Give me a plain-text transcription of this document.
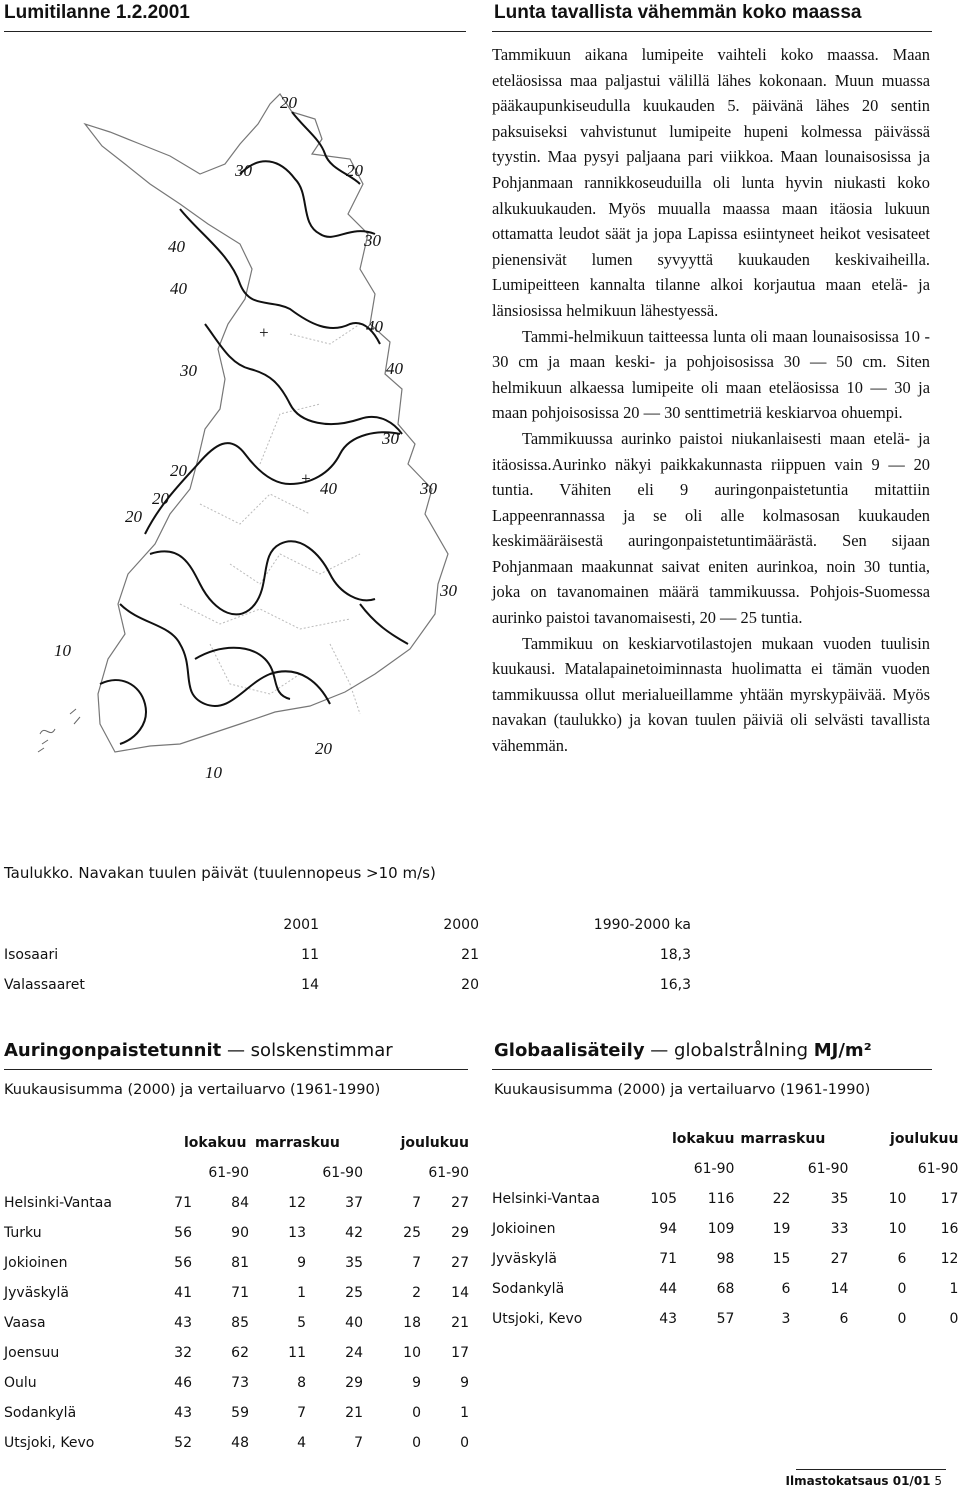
Lumitilanne 1.2.2001	Lunta tavallista vähemmän koko maassa
20
30	20
30
40
40
+	40
30	40
20	+
40	30
20
30
20
10
10
20
30

Tammikuun aikana lumipeite vaihteli koko maassa. Maan eteläosissa maa paljastui välillä lähes kokonaan. Muun muassa pääkaupunkiseudulla kuukauden 5. päivänä lähes 20 sentin paksuiseksi vahvistunut lumipeite hupeni kolmessa päivässä tyystin. Maa pysyi paljaana pari viikkoa. Maan lounaisosissa ja Pohjanmaan rannikkoseuduilla oli lunta hyvin niukasti koko alkukuukauden. Myös muualla maassa maan itäosia lukuun ottamatta leudot säät ja jopa Lapissa esiintyneet heikot vesisateet pienensivät lumen syvyyttä kuukauden keskivaiheilla. Lumipeitteen kannalta tilanne alkoi korjautua maan etelä- ja länsiosissa helmikuun lähestyessä.

Tammi-helmikuun taitteessa lunta oli maan lounaisosissa 10 - 30 cm ja maan keski- ja pohjoisosissa 30 — 50 cm. Siten helmikuun alkaessa lumipeite oli maan eteläosissa 10 — 30 ja maan pohjoisosissa 20 — 30 senttimetriä keskiarvoa ohuempi.

Tammikuussa aurinko paistoi niukanlaisesti maan etelä- ja itäosissa.Aurinko näkyi paikkakunnasta riippuen vain 9 — 20 tuntia. Vähiten eli 9 auringonpaistetuntia mitattiin Lappeenrannassa ja se oli alle kolmasosan kuukauden keskimääräisestä auringonpaistetuntimäärästä. Sen sijaan Pohjanmaan maakunnat saivat eniten aurinkoa, noin 30 tuntia, joka on tavanomainen määrä tammikuussa. Pohjois-Suomessa aurinko paistoi tavanomaisesti, 20 — 25 tuntia.

Tammikuu on keskiarvotilastojen mukaan vuoden tuulisin kuukausi. Matalapainetoiminnasta huolimatta ei tämän vuoden tammikuussa ollut merialueillamme yhtään myrskypäivää. Myös navakan (taulukko) ja kovan tuulen päiviä oli selvästi tavallista vähemmän.

Taulukko. Navakan tuulen päivät (tuulennopeus >10 m/s)
	2001	2000	1990-2000 ka
Isosaari	11	21	18,3
Valassaaret	14	20	16,3
Auringonpaistetunnit — solskenstimmar
Kuukausisumma (2000) ja vertailuarvo (1961-1990)
	lokakuu		marraskuu		joulukuu	
		61-90		61-90		61-90
Helsinki-Vantaa	71	84	12	37	7	27
Turku	56	90	13	42	25	29
Jokioinen	56	81	9	35	7	27
Jyväskylä	41	71	1	25	2	14
Vaasa	43	85	5	40	18	21
Joensuu	32	62	11	24	10	17
Oulu	46	73	8	29	9	9
Sodankylä	43	59	7	21	0	1
Utsjoki, Kevo	52	48	4	7	0	0
Globaalisäteily — globalstrålning MJ/m²
Kuukausisumma (2000) ja vertailuarvo (1961-1990)
	lokakuu		marraskuu		joulukuu	
		61-90		61-90		61-90
Helsinki-Vantaa	105	116	22	35	10	17
Jokioinen	94	109	19	33	10	16
Jyväskylä	71	98	15	27	6	12
Sodankylä	44	68	6	14	0	1
Utsjoki, Kevo	43	57	3	6	0	0
Ilmastokatsaus 01/01 5
